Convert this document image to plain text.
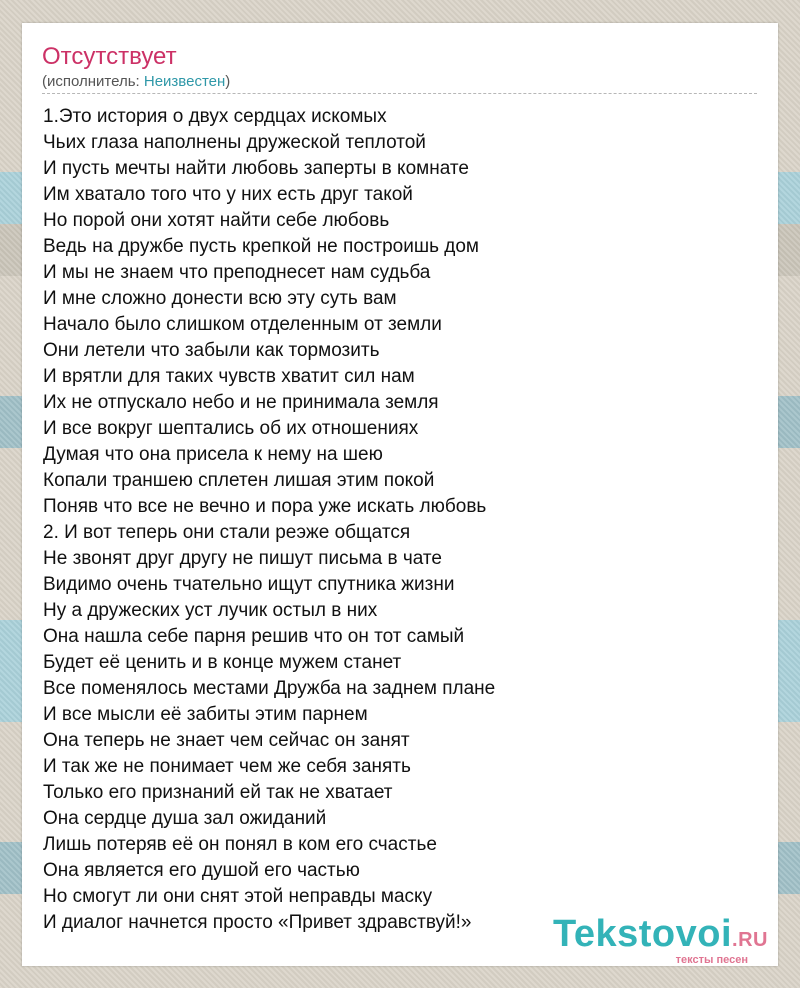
Отсутствует
(исполнитель: Неизвестен)
1.Это история о двух сердцах искомых
Чьих глаза наполнены дружеской теплотой
И пусть мечты найти любовь заперты в комнате
Им хватало того что у них есть друг такой
Но порой они хотят найти себе любовь
Ведь на дружбе пусть крепкой не построишь дом
И мы не знаем что преподнесет нам судьба
И мне сложно донести всю эту суть вам
Начало было слишком отделенным от земли
Они летели что забыли как тормозить
И врятли для таких чувств хватит сил нам
Их не отпускало небо и не принимала земля
И все вокруг шептались об их отношениях
Думая что она присела к нему на шею
Копали траншею сплетен лишая этим покой
Поняв что все не вечно и пора уже искать любовь
2. И вот теперь они стали реэже общатся
Не звонят друг другу не пишут письма в чате
Видимо очень тчательно ищут спутника жизни
Ну а дружеских уст лучик остыл в них
Она нашла себе парня решив что он тот самый
Будет её ценить и в конце мужем станет
Все поменялось местами Дружба на заднем плане
И все мысли её забиты этим парнем
Она теперь не знает чем сейчас он занят
И так же не понимает чем же себя занять
Только его признаний ей так не хватает
Она сердце душа зал ожиданий
Лишь потеряв её он понял в ком его счастье
Она является его душой его частью
Но смогут ли они снят этой неправды маску
И диалог начнется просто «Привет здравствуй!»	Tekstovoi.RU
тексты песен
